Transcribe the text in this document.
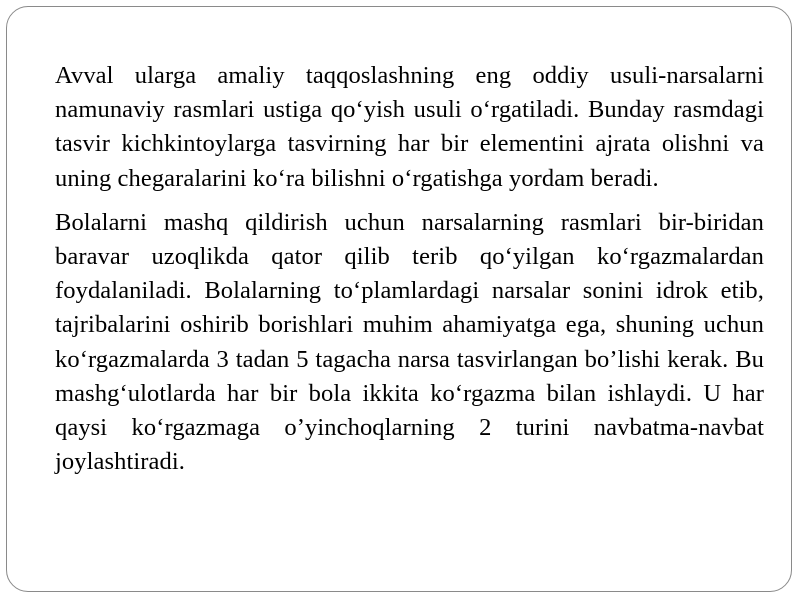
Avval ularga amaliy taqqoslashning eng oddiy usuli-narsalarni namunaviy rasmlari ustiga qo‘yish usuli o‘rgatiladi. Bunday rasmdagi tasvir kichkintoylarga tasvirning har bir elementini ajrata olishni va uning chegaralarini ko‘ra bilishni o‘rgatishga yordam beradi.

Bolalarni mashq qildirish uchun narsalarning rasmlari bir-biridan baravar uzoqlikda qator qilib terib qo‘yilgan ko‘rgazmalardan foydalaniladi. Bolalarning to‘plamlardagi narsalar sonini idrok etib, tajribalarini oshirib borishlari muhim ahamiyatga ega, shuning uchun ko‘rgazmalarda 3 tadan 5 tagacha narsa tasvirlangan bo’lishi kerak. Bu mashg‘ulotlarda har bir bola ikkita ko‘rgazma bilan ishlaydi. U har qaysi ko‘rgazmaga o’yinchoqlarning 2 turini navbatma-navbat joylashtiradi.
